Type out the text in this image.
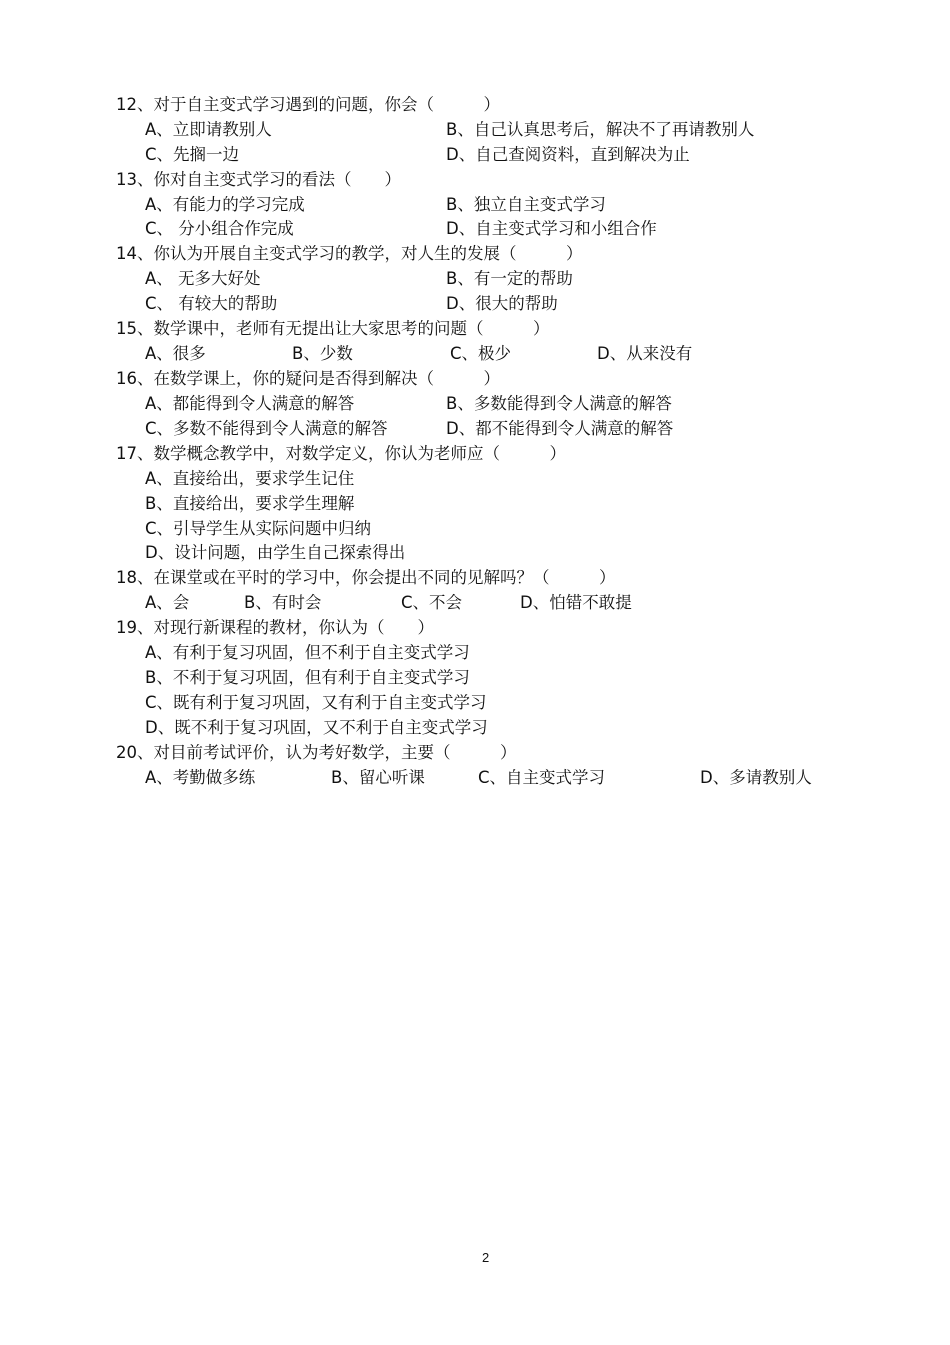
12、对于自主变式学习遇到的问题，你会（　　　）
A、立即请教别人	B、自己认真思考后，解决不了再请教别人
C、先搁一边	D、自己查阅资料，直到解决为止
13、你对自主变式学习的看法（　　）
A、有能力的学习完成	B、独立自主变式学习
C、 分小组合作完成	D、自主变式学习和小组合作
14、你认为开展自主变式学习的教学，对人生的发展（　　　）
A、 无多大好处	B、有一定的帮助
C、 有较大的帮助	D、很大的帮助
15、数学课中，老师有无提出让大家思考的问题（　　　）
A、很多	B、少数	C、极少	D、从来没有
16、在数学课上，你的疑问是否得到解决（　　　）
A、都能得到令人满意的解答	B、多数能得到令人满意的解答
C、多数不能得到令人满意的解答	D、都不能得到令人满意的解答
17、数学概念教学中，对数学定义，你认为老师应（　　　）
A、直接给出，要求学生记住
B、直接给出，要求学生理解
C、引导学生从实际问题中归纳
D、设计问题，由学生自己探索得出
18、在课堂或在平时的学习中，你会提出不同的见解吗？（　　　）
A、会	B、有时会	C、不会	D、怕错不敢提
19、对现行新课程的教材，你认为（　　）
A、有利于复习巩固，但不利于自主变式学习
B、不利于复习巩固，但有利于自主变式学习
C、既有利于复习巩固，又有利于自主变式学习
D、既不利于复习巩固，又不利于自主变式学习
20、对目前考试评价，认为考好数学，主要（　　　）
A、考勤做多练	B、留心听课	C、自主变式学习	D、多请教别人
2
